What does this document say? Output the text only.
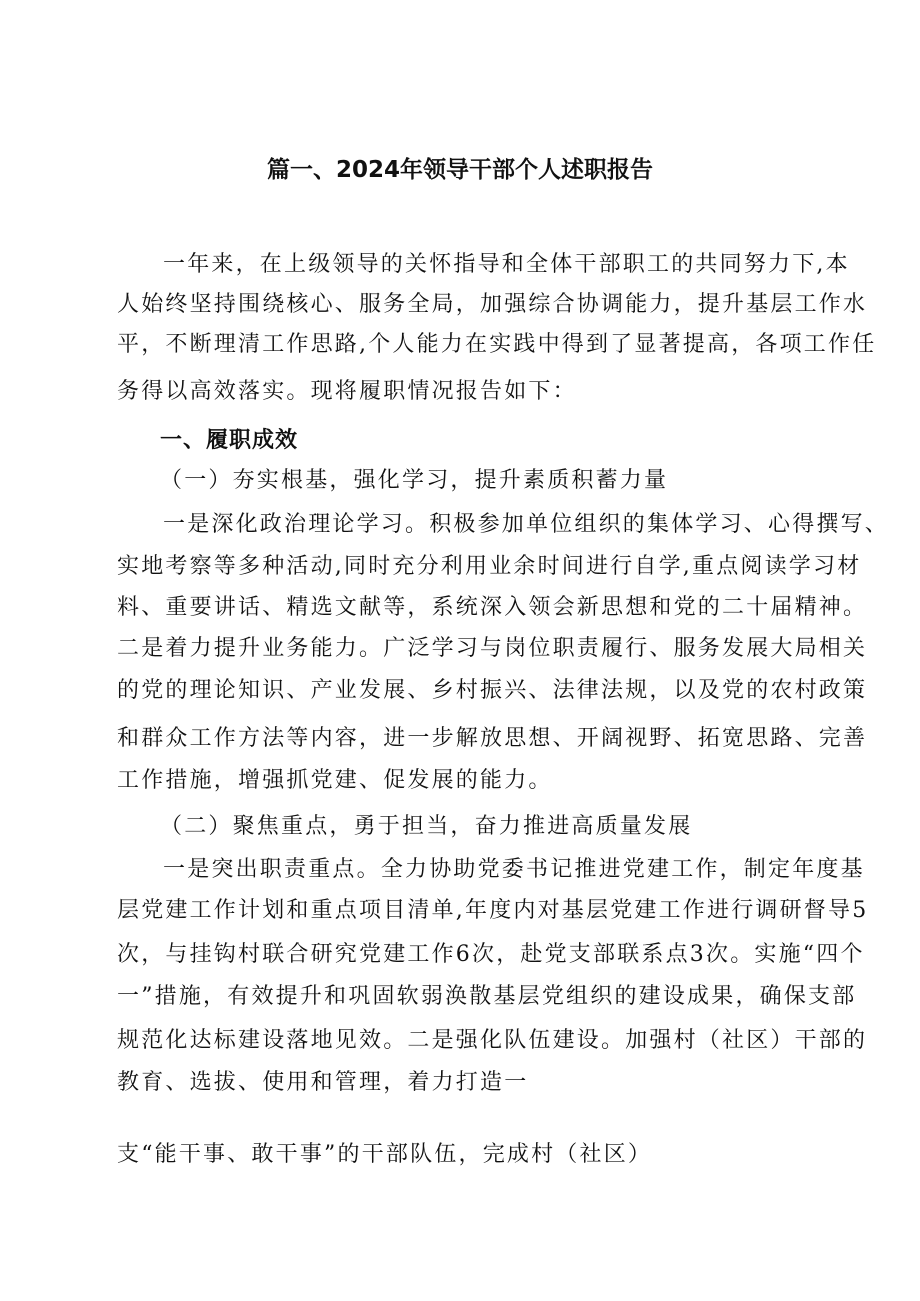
篇一、2024年领导干部个人述职报告
一年来，在上级领导的关怀指导和全体干部职工的共同努力下,本
人始终坚持围绕核心、服务全局，加强综合协调能力，提升基层工作水
平，不断理清工作思路,个人能力在实践中得到了显著提高，各项工作任
务得以高效落实。现将履职情况报告如下：
一、履职成效
（一）夯实根基，强化学习，提升素质积蓄力量
一是深化政治理论学习。积极参加单位组织的集体学习、心得撰写、
实地考察等多种活动,同时充分利用业余时间进行自学,重点阅读学习材
料、重要讲话、精选文献等，系统深入领会新思想和党的二十届精神。
二是着力提升业务能力。广泛学习与岗位职责履行、服务发展大局相关
的党的理论知识、产业发展、乡村振兴、法律法规，以及党的农村政策
和群众工作方法等内容，进一步解放思想、开阔视野、拓宽思路、完善
工作措施，增强抓党建、促发展的能力。
（二）聚焦重点，勇于担当，奋力推进高质量发展
一是突出职责重点。全力协助党委书记推进党建工作，制定年度基
层党建工作计划和重点项目清单,年度内对基层党建工作进行调研督导5
次，与挂钩村联合研究党建工作6次，赴党支部联系点3次。实施“四个
一”措施，有效提升和巩固软弱涣散基层党组织的建设成果，确保支部
规范化达标建设落地见效。二是强化队伍建设。加强村（社区）干部的
教育、选拔、使用和管理，着力打造一
支“能干事、敢干事”的干部队伍，完成村（社区）
